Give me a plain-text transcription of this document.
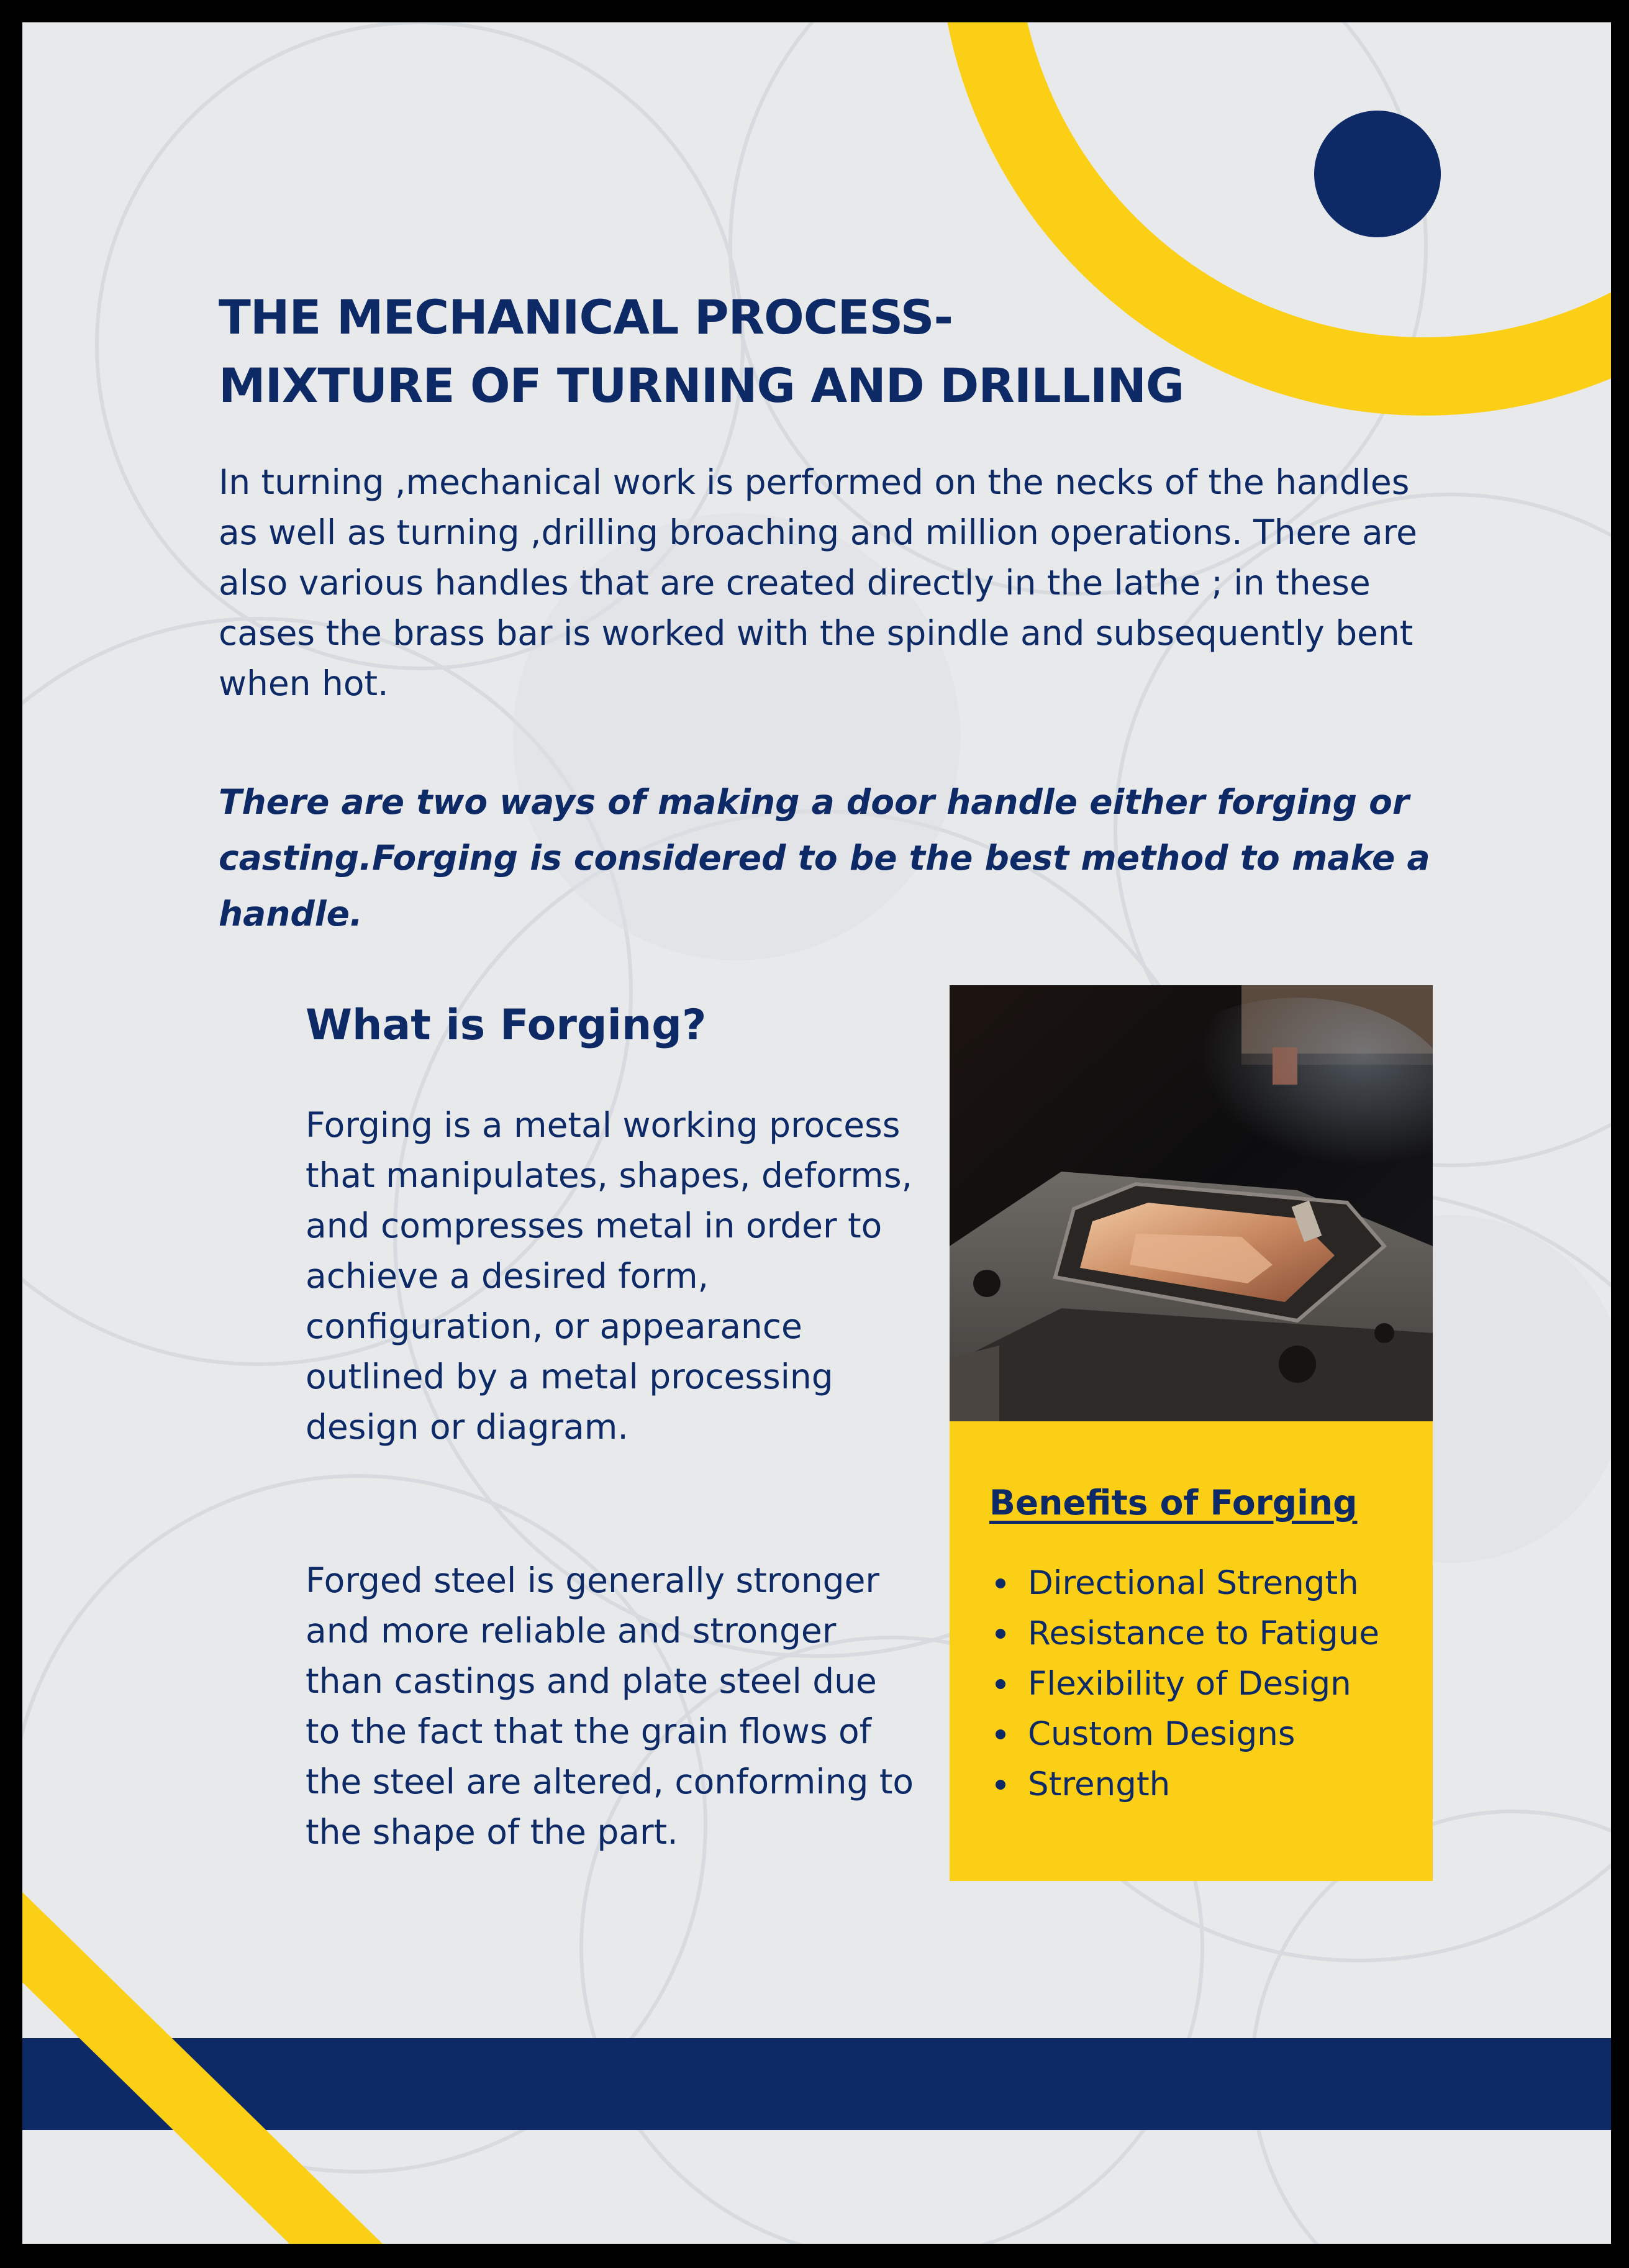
THE MECHANICAL PROCESS-
MIXTURE OF TURNING AND DRILLING

In turning ,mechanical work is performed on the necks of the handles as well as turning ,drilling broaching and million operations. There are also various handles that are created directly in the lathe ; in these cases the brass bar is worked with the spindle and subsequently bent when hot.

There are two ways of making a door handle either forging or casting.Forging is considered to be the best method to make a handle.

What is Forging?

Forging is a metal working process that manipulates, shapes, deforms, and compresses metal in order to achieve a desired form, configuration, or appearance outlined by a metal processing design or diagram.

Forged steel is generally stronger and more reliable and stronger than castings and plate steel due to the fact that the grain flows of the steel are altered, conforming to the shape of the part.

Benefits of Forging
Directional Strength
Resistance to Fatigue
Flexibility of Design
Custom Designs
Strength
